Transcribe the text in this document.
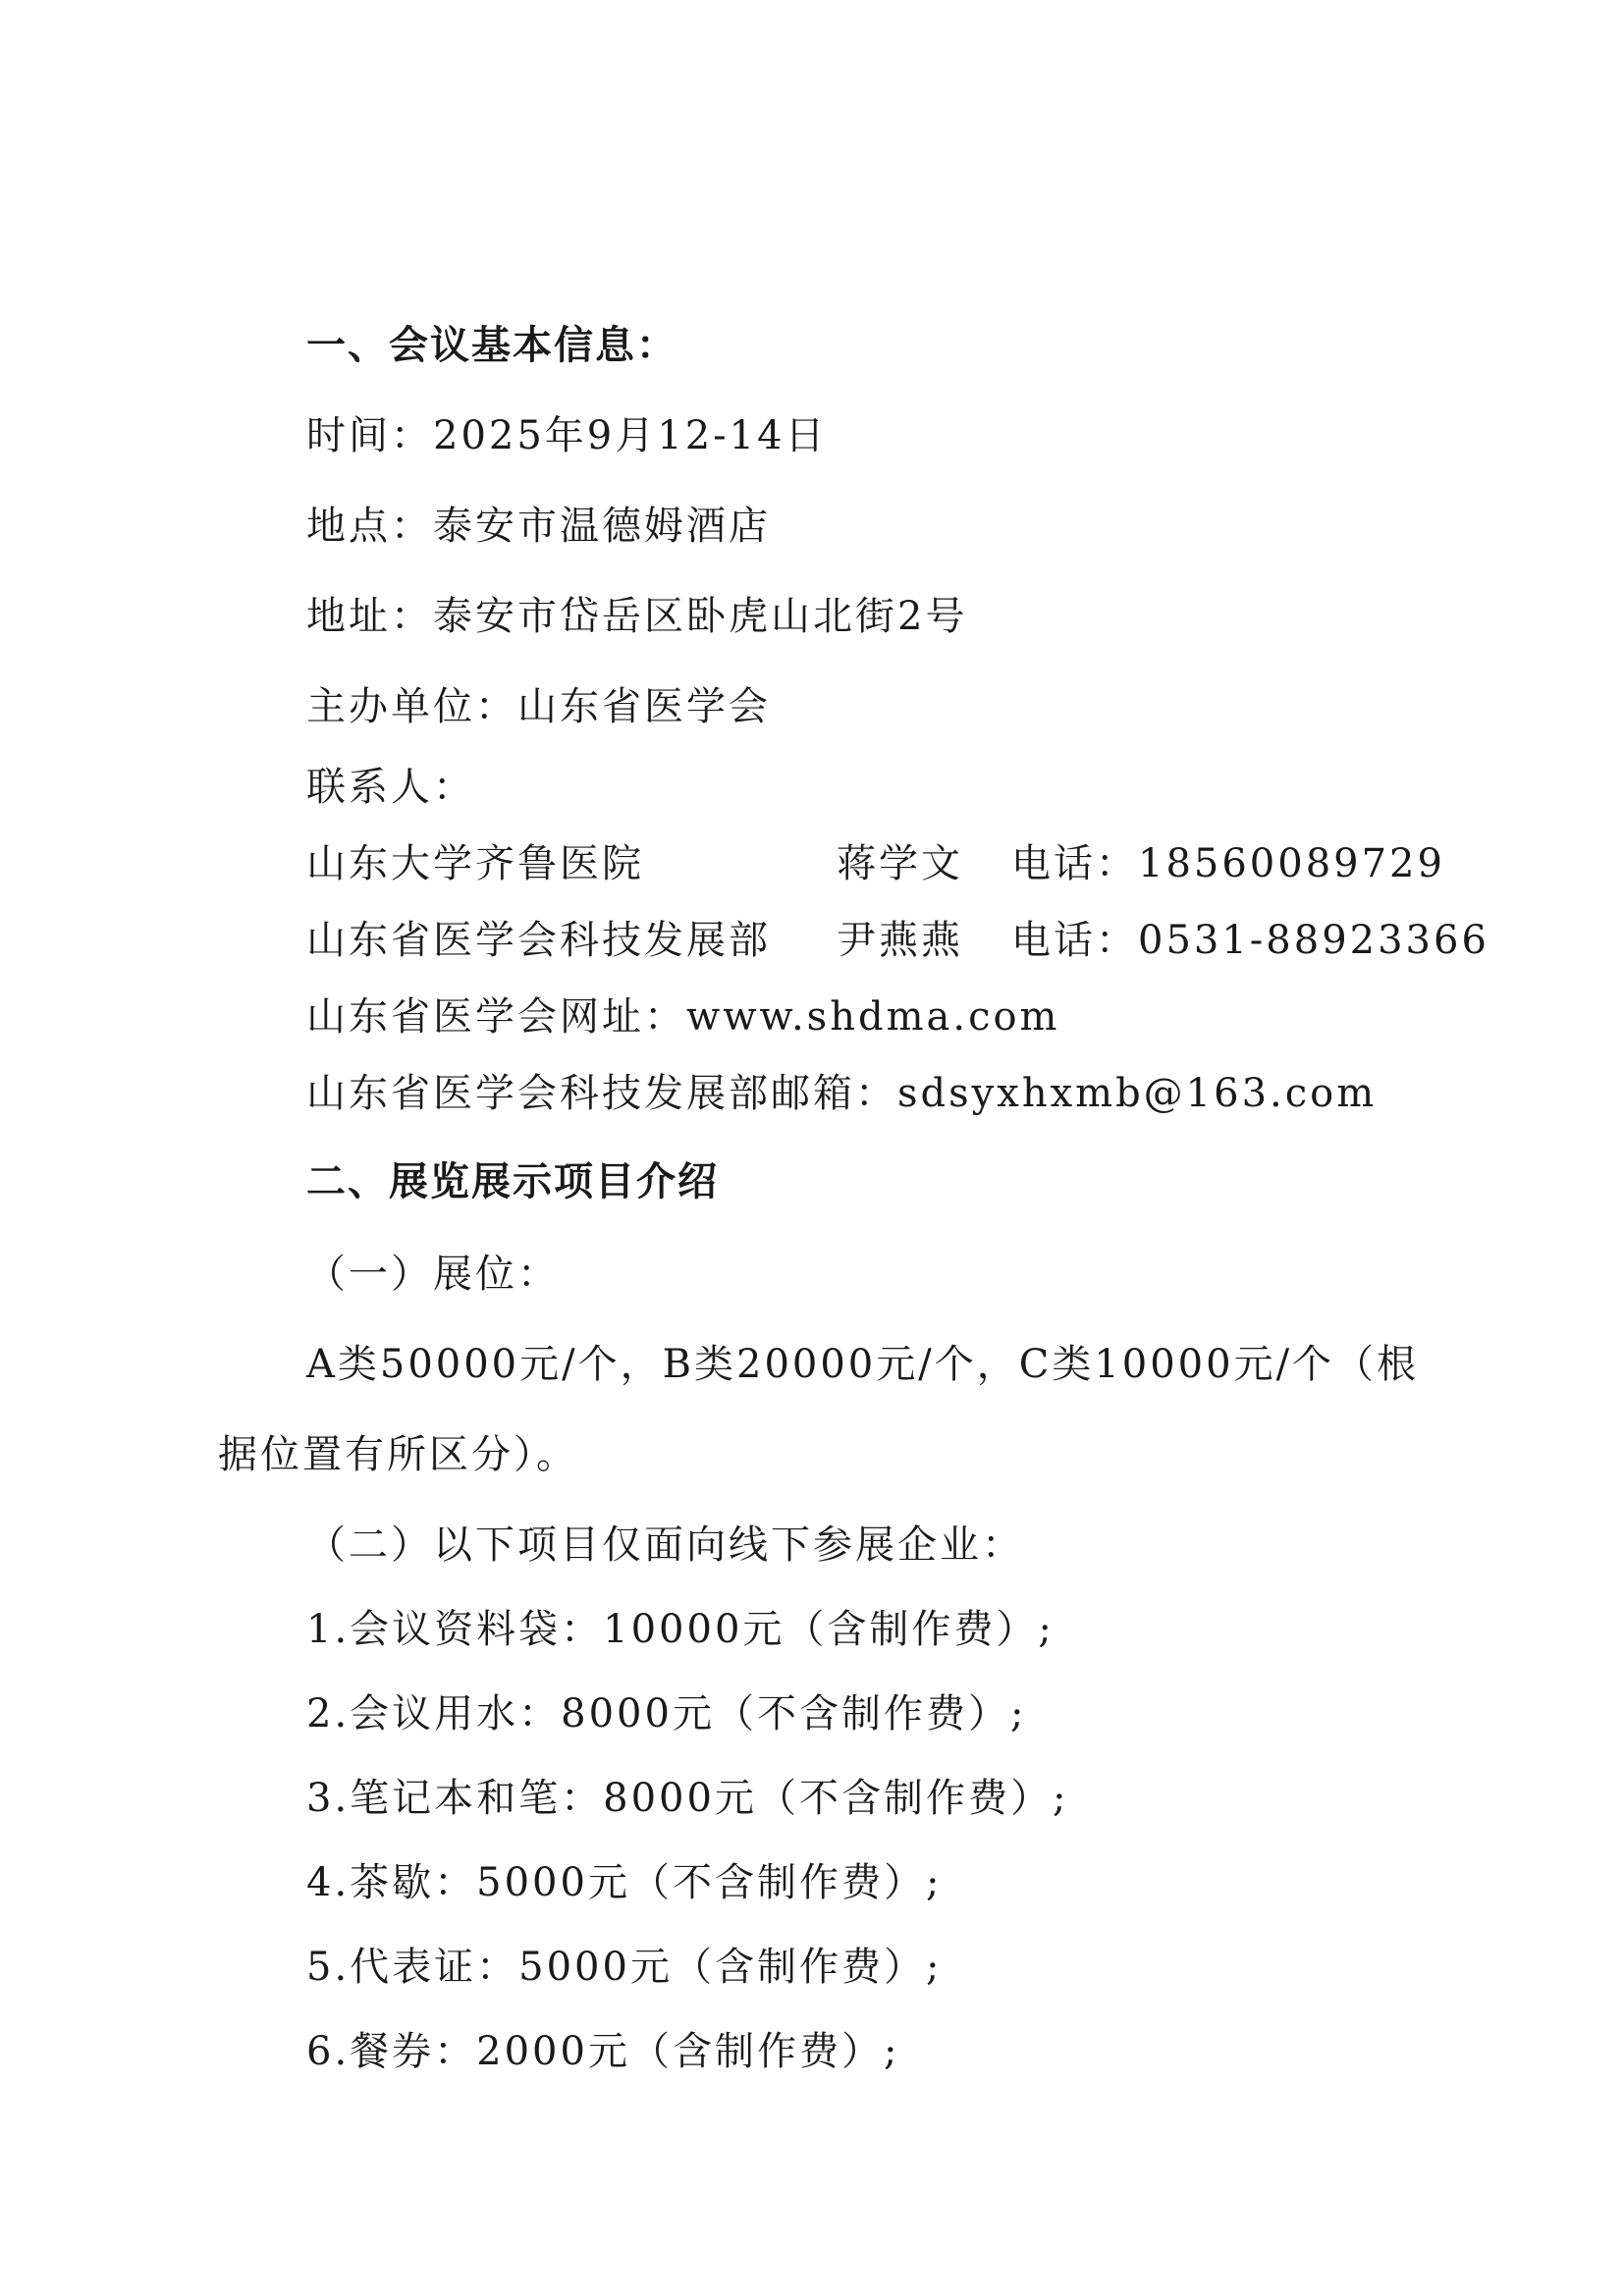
一、会议基本信息：
时间：2025年9月12-14日
地点：泰安市温德姆酒店
地址：泰安市岱岳区卧虎山北街2号
主办单位：山东省医学会
联系人：
山东大学齐鲁医院	蒋学文 电话：18560089729
山东省医学会科技发展部 尹燕燕 电话：0531-88923366
山东省医学会网址：www.shdma.com
山东省医学会科技发展部邮箱：sdsyxhxmb@163.com
二、展览展示项目介绍
（一）展位：
A类50000元/个，B类20000元/个，C类10000元/个（根
据位置有所区分）。
（二）以下项目仅面向线下参展企业：
1.会议资料袋：10000元（含制作费）;
2.会议用水：8000元（不含制作费）;
3.笔记本和笔：8000元（不含制作费）;
4.茶歇：5000元（不含制作费）;
5.代表证：5000元（含制作费）;
6.餐券：2000元（含制作费）;
